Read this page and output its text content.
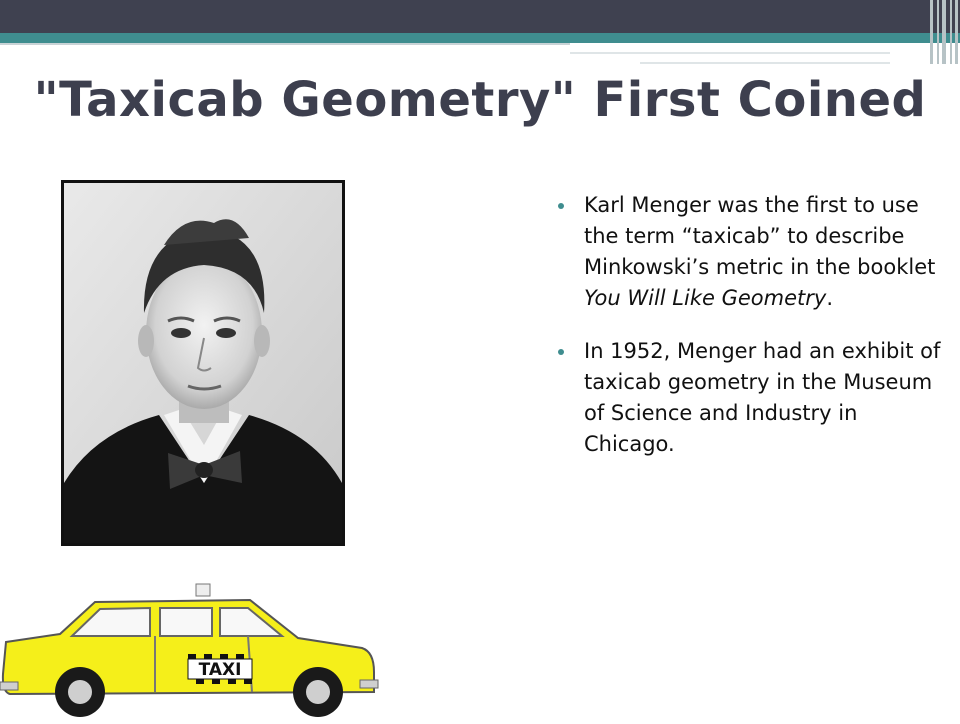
"Taxicab Geometry" First Coined
Karl Menger was the first to use the term “taxicab” to describe Minkowski’s metric in the booklet You Will Like Geometry.
In 1952, Menger had an exhibit of taxicab geometry in the Museum of Science and Industry in Chicago.
TAXI
